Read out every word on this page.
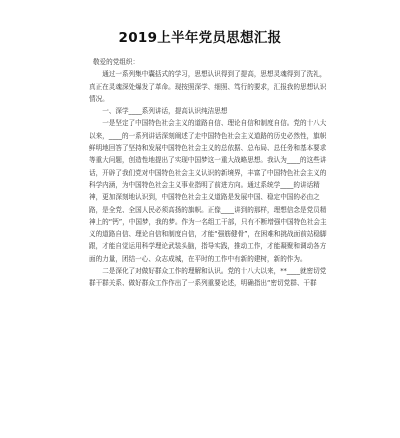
2019上半年党员思想汇报

敬爱的党组织：

通过一系列集中囊括式的学习，思想认识得到了提高，思想灵魂得到了洗礼，真正在灵魂深处爆发了革命。现按照深学、细照、笃行的要求，汇报我的思想认识情况。

一、深学____系列讲话，提高认识纯洁思想

一是坚定了中国特色社会主义的道路自信、理论自信和制度自信。党的十八大以来，____的一系列讲话深刻阐述了走中国特色社会主义道路的历史必然性，旗帜鲜明地回答了坚持和发展中国特色社会主义的总依据、总布局、总任务和基本要求等重大问题，创造性地提出了实现中国梦这一重大战略思想。我认为____的这些讲话，开辟了我们党对中国特色社会主义认识的新境界，丰富了中国特色社会主义的科学内涵，为中国特色社会主义事业指明了前进方向。通过系统学____的讲话精神，更加深刻地认识到，中国特色社会主义道路是发展中国、稳定中国的必由之路，是全党、全国人民必须高扬的旗帜。正像____讲到的那样，理想信念是党员精神上的“钙”，中国梦，我的梦。作为一名组工干部，只有不断增强中国特色社会主义的道路自信、理论自信和制度自信，才能“强筋健骨”，在困难和挑战面前站稳脚跟，才能自觉运用科学理论武装头脑，指导实践，推动工作，才能凝聚和调动各方面的力量，团结一心、众志成城，在平时的工作中有新的建树，新的作为。

二是深化了对做好群众工作的理解和认识。党的十八大以来，**____就密切党群干群关系、做好群众工作作出了一系列重要论述，明确指出“密切党群、干群
